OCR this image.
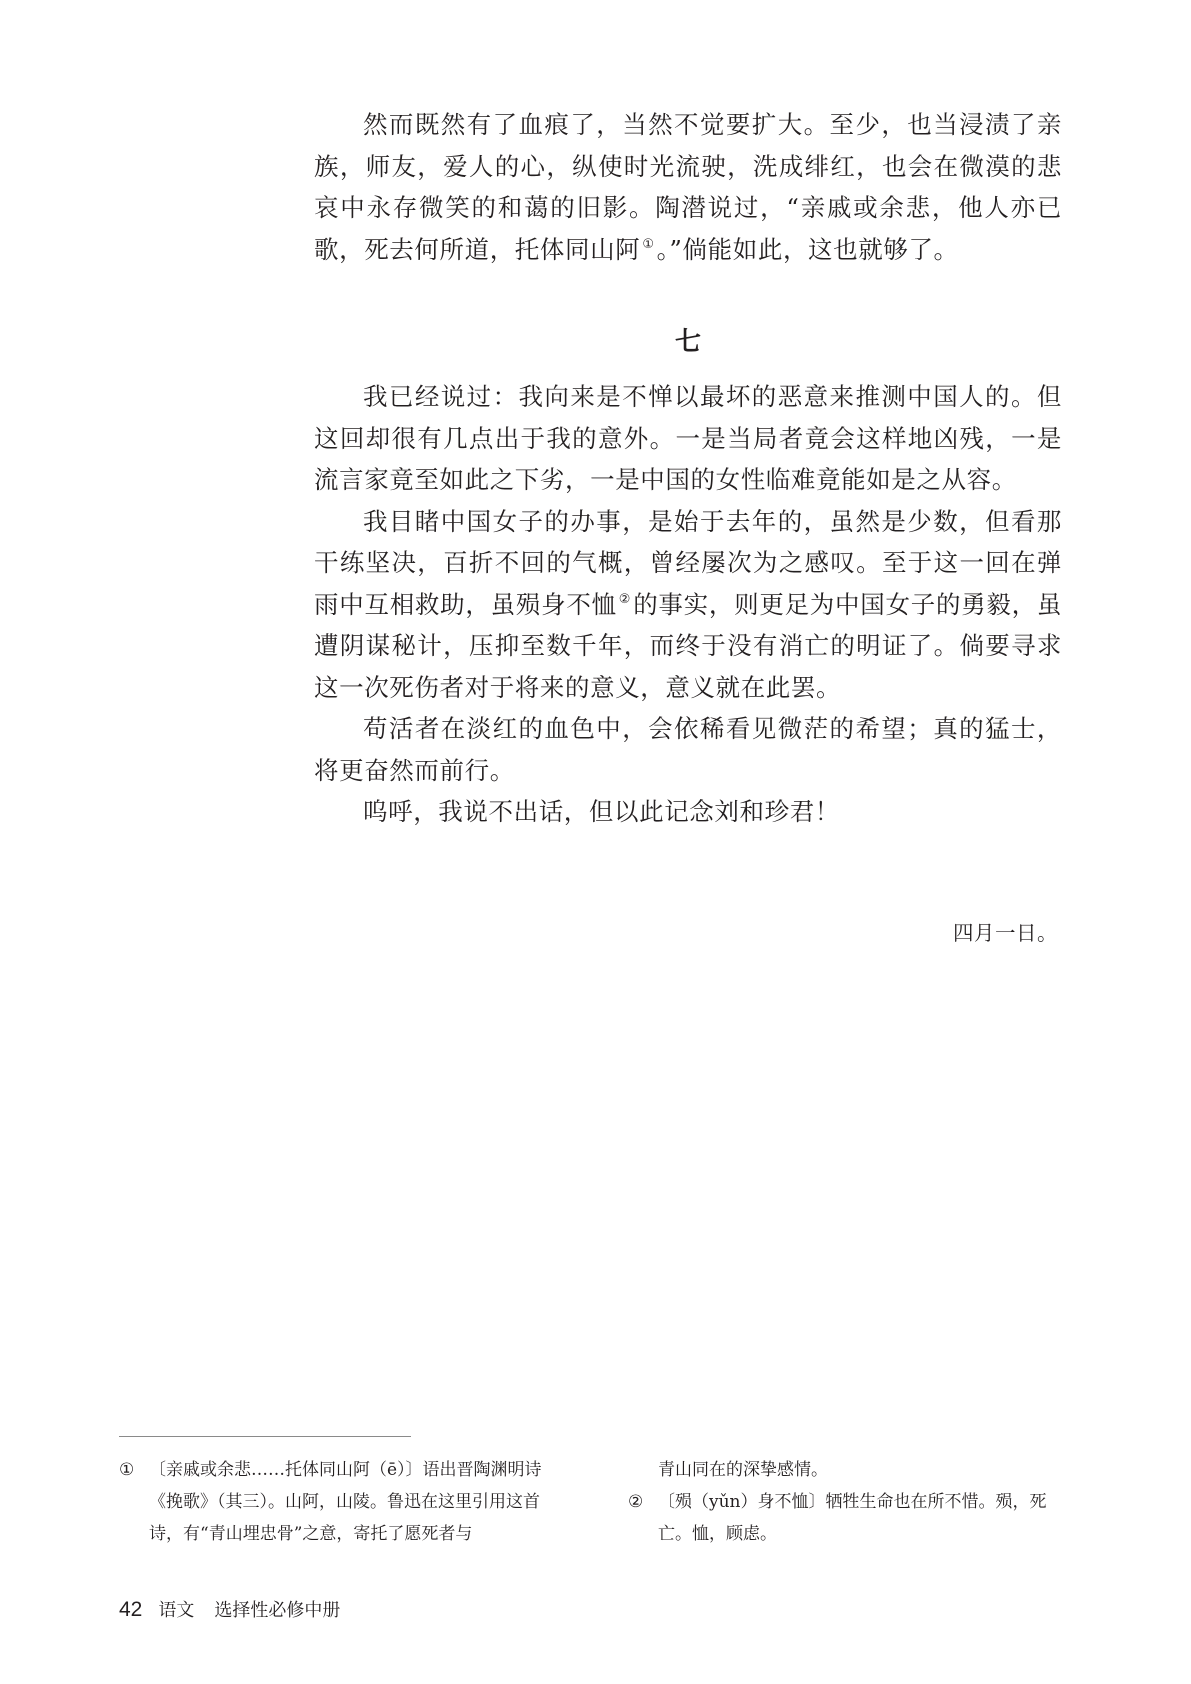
然而既然有了血痕了，当然不觉要扩大。至少，也当浸渍了亲族，师友，爱人的心，纵使时光流驶，洗成绯红，也会在微漠的悲哀中永存微笑的和蔼的旧影。陶潜说过，“亲戚或余悲，他人亦已歌，死去何所道，托体同山阿 ①。”倘能如此，这也就够了。

七

我已经说过：我向来是不惮以最坏的恶意来推测中国人的。但这回却很有几点出于我的意外。一是当局者竟会这样地凶残，一是流言家竟至如此之下劣，一是中国的女性临难竟能如是之从容。

我目睹中国女子的办事，是始于去年的，虽然是少数，但看那干练坚决，百折不回的气概，曾经屡次为之感叹。至于这一回在弹雨中互相救助，虽殒身不恤 ②的事实，则更足为中国女子的勇毅，虽遭阴谋秘计，压抑至数千年，而终于没有消亡的明证了。倘要寻求这一次死伤者对于将来的意义，意义就在此罢。

苟活者在淡红的血色中，会依稀看见微茫的希望；真的猛士，将更奋然而前行。

呜呼，我说不出话，但以此记念刘和珍君！

四月一日。

① 〔亲戚或余悲……托体同山阿（ē）〕语出晋陶渊明诗《挽歌》（其三）。山阿，山陵。鲁迅在这里引用这首诗，有“青山埋忠骨”之意，寄托了愿死者与

青山同在的深挚感情。

② 〔殒（yǔn）身不恤〕牺牲生命也在所不惜。殒，死亡。恤，顾虑。

42 语文 选择性必修中册
